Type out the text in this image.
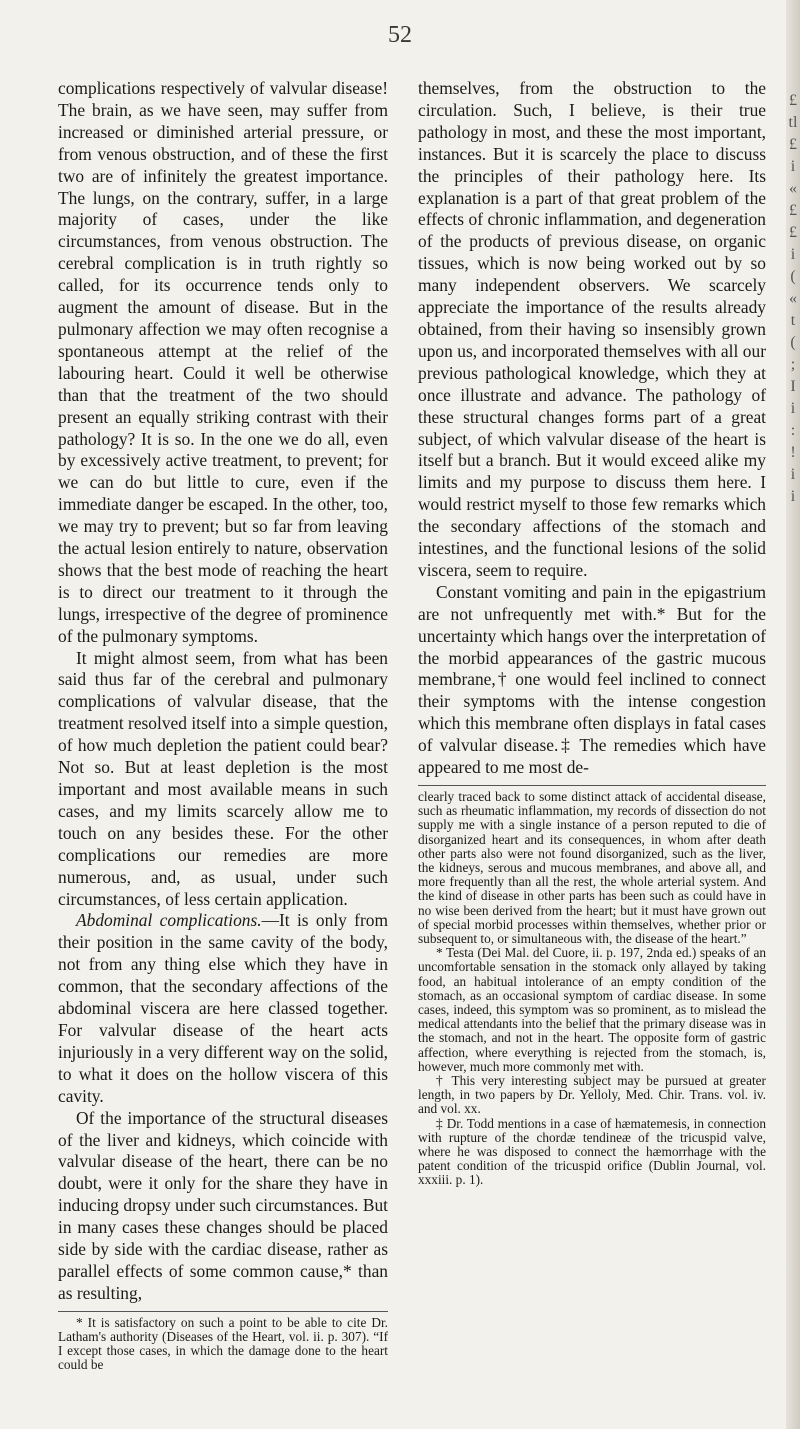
52

complications respectively of valvular disease! The brain, as we have seen, may suffer from increased or diminished arterial pressure, or from venous obstruction, and of these the first two are of infinitely the greatest importance. The lungs, on the contrary, suffer, in a large majority of cases, under the like circumstances, from venous obstruction. The cerebral complication is in truth rightly so called, for its occurrence tends only to augment the amount of disease. But in the pulmonary affection we may often recognise a spontaneous attempt at the relief of the labouring heart. Could it well be otherwise than that the treatment of the two should present an equally striking contrast with their pathology? It is so. In the one we do all, even by excessively active treatment, to prevent; for we can do but little to cure, even if the immediate danger be escaped. In the other, too, we may try to prevent; but so far from leaving the actual lesion entirely to nature, observation shows that the best mode of reaching the heart is to direct our treatment to it through the lungs, irrespective of the degree of prominence of the pulmonary symptoms.

It might almost seem, from what has been said thus far of the cerebral and pulmonary complications of valvular disease, that the treatment resolved itself into a simple question, of how much depletion the patient could bear? Not so. But at least depletion is the most important and most available means in such cases, and my limits scarcely allow me to touch on any besides these. For the other complications our remedies are more numerous, and, as usual, under such circumstances, of less certain application.

Abdominal complications.—It is only from their position in the same cavity of the body, not from any thing else which they have in common, that the secondary affections of the abdominal viscera are here classed together. For valvular disease of the heart acts injuriously in a very different way on the solid, to what it does on the hollow viscera of this cavity.

Of the importance of the structural diseases of the liver and kidneys, which coincide with valvular disease of the heart, there can be no doubt, were it only for the share they have in inducing dropsy under such circumstances. But in many cases these changes should be placed side by side with the cardiac disease, rather as parallel effects of some common cause,* than as resulting,

* It is satisfactory on such a point to be able to cite Dr. Latham's authority (Diseases of the Heart, vol. ii. p. 307). “If I except those cases, in which the damage done to the heart could be

themselves, from the obstruction to the circulation. Such, I believe, is their true pathology in most, and these the most important, instances. But it is scarcely the place to discuss the principles of their pathology here. Its explanation is a part of that great problem of the effects of chronic inflammation, and degeneration of the products of previous disease, on organic tissues, which is now being worked out by so many independent observers. We scarcely appreciate the importance of the results already obtained, from their having so insensibly grown upon us, and incorporated themselves with all our previous pathological knowledge, which they at once illustrate and advance. The pathology of these structural changes forms part of a great subject, of which valvular disease of the heart is itself but a branch. But it would exceed alike my limits and my purpose to discuss them here. I would restrict myself to those few remarks which the secondary affections of the stomach and intestines, and the functional lesions of the solid viscera, seem to require.

Constant vomiting and pain in the epigastrium are not unfrequently met with.* But for the uncertainty which hangs over the interpretation of the morbid appearances of the gastric mucous membrane,† one would feel inclined to connect their symptoms with the intense congestion which this membrane often displays in fatal cases of valvular disease.‡ The remedies which have appeared to me most de-

clearly traced back to some distinct attack of accidental disease, such as rheumatic inflammation, my records of dissection do not supply me with a single instance of a person reputed to die of disorganized heart and its consequences, in whom after death other parts also were not found disorganized, such as the liver, the kidneys, serous and mucous membranes, and above all, and more frequently than all the rest, the whole arterial system. And the kind of disease in other parts has been such as could have in no wise been derived from the heart; but it must have grown out of special morbid processes within themselves, whether prior or subsequent to, or simultaneous with, the disease of the heart.”

* Testa (Dei Mal. del Cuore, ii. p. 197, 2nda ed.) speaks of an uncomfortable sensation in the stomack only allayed by taking food, an habitual intolerance of an empty condition of the stomach, as an occasional symptom of cardiac disease. In some cases, indeed, this symptom was so prominent, as to mislead the medical attendants into the belief that the primary disease was in the stomach, and not in the heart. The opposite form of gastric affection, where everything is rejected from the stomach, is, however, much more commonly met with.

† This very interesting subject may be pursued at greater length, in two papers by Dr. Yelloly, Med. Chir. Trans. vol. iv. and vol. xx.

‡ Dr. Todd mentions in a case of hæmatemesis, in connection with rupture of the chordæ tendineæ of the tricuspid valve, where he was disposed to connect the hæmorrhage with the patent condition of the tricuspid orifice (Dublin Journal, vol. xxxiii. p. 1).

£ tl £ i « £ £ i ( « t ( ; I i : ! i i
